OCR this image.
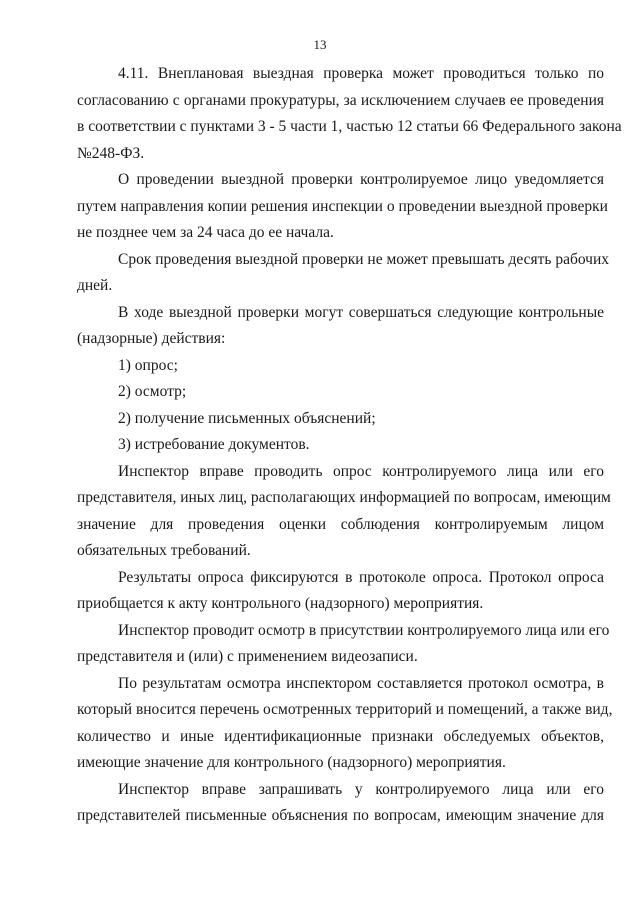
13
4.11. Внеплановая выездная проверка может проводиться только по
согласованию с органами прокуратуры, за исключением случаев ее проведения
в соответствии с пунктами 3 - 5 части 1, частью 12 статьи 66 Федерального закона
№248-ФЗ.
О проведении выездной проверки контролируемое лицо уведомляется
путем направления копии решения инспекции о проведении выездной проверки
не позднее чем за 24 часа до ее начала.
Срок проведения выездной проверки не может превышать десять рабочих
дней.
В ходе выездной проверки могут совершаться следующие контрольные
(надзорные) действия:
1) опрос;
2) осмотр;
2) получение письменных объяснений;
3) истребование документов.
Инспектор вправе проводить опрос контролируемого лица или его
представителя, иных лиц, располагающих информацией по вопросам, имеющим
значение для проведения оценки соблюдения контролируемым лицом
обязательных требований.
Результаты опроса фиксируются в протоколе опроса. Протокол опроса
приобщается к акту контрольного (надзорного) мероприятия.
Инспектор проводит осмотр в присутствии контролируемого лица или его
представителя и (или) с применением видеозаписи.
По результатам осмотра инспектором составляется протокол осмотра, в
который вносится перечень осмотренных территорий и помещений, а также вид,
количество и иные идентификационные признаки обследуемых объектов,
имеющие значение для контрольного (надзорного) мероприятия.
Инспектор вправе запрашивать у контролируемого лица или его
представителей письменные объяснения по вопросам, имеющим значение для
